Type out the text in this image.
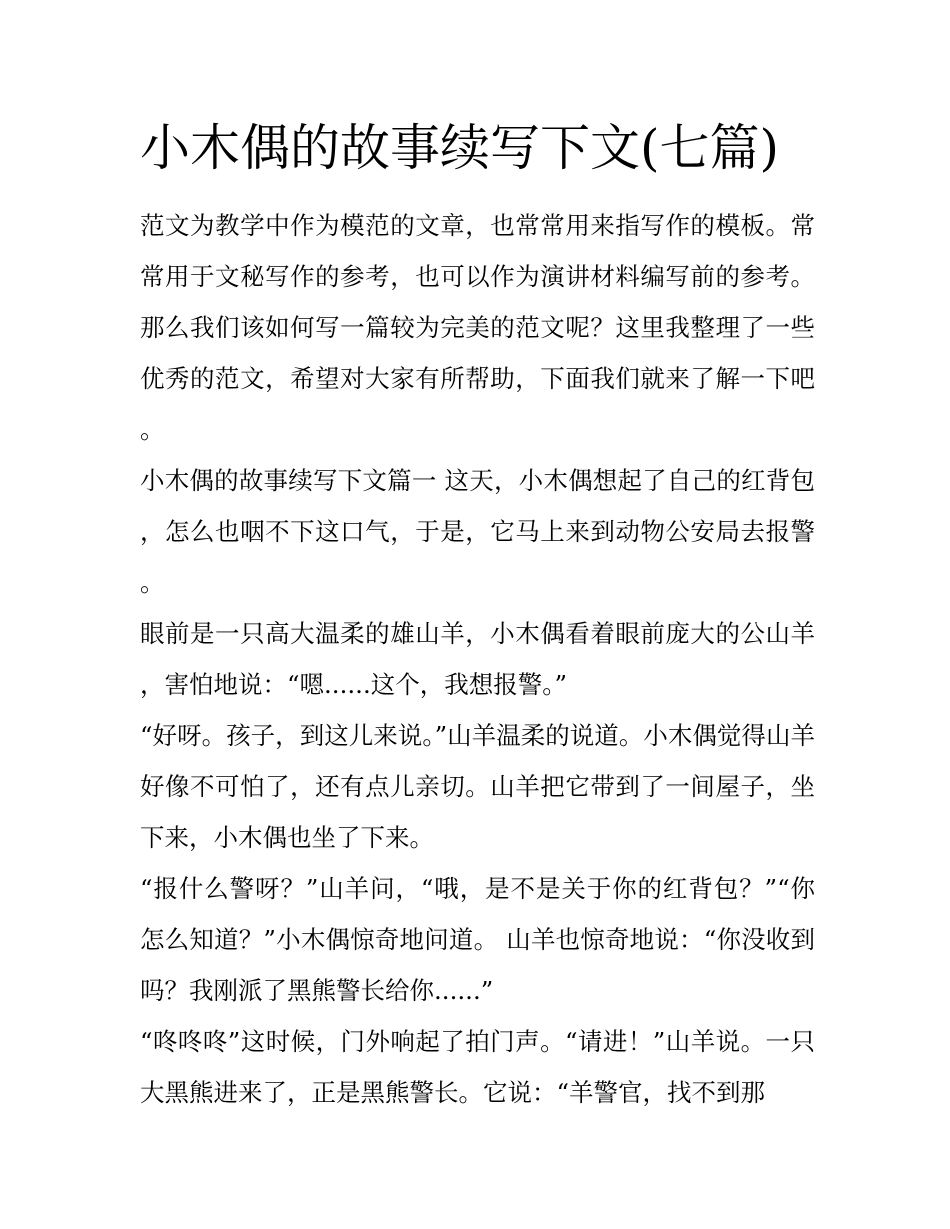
小木偶的故事续写下文(七篇)

范文为教学中作为模范的文章，也常常用来指写作的模板。常常用于文秘写作的参考，也可以作为演讲材料编写前的参考。那么我们该如何写一篇较为完美的范文呢？这里我整理了一些优秀的范文，希望对大家有所帮助，下面我们就来了解一下吧。

小木偶的故事续写下文篇一 这天，小木偶想起了自己的红背包，怎么也咽不下这口气，于是，它马上来到动物公安局去报警。

眼前是一只高大温柔的雄山羊，小木偶看着眼前庞大的公山羊，害怕地说：“嗯......这个，我想报警。”

“好呀。孩子，到这儿来说。”山羊温柔的说道。小木偶觉得山羊好像不可怕了，还有点儿亲切。山羊把它带到了一间屋子，坐下来，小木偶也坐了下来。

“报什么警呀？”山羊问，“哦，是不是关于你的红背包？”“你怎么知道？”小木偶惊奇地问道。 山羊也惊奇地说：“你没收到吗？我刚派了黑熊警长给你......”

“咚咚咚”这时候，门外响起了拍门声。“请进！”山羊说。一只大黑熊进来了，正是黑熊警长。它说：“羊警官，找不到那
